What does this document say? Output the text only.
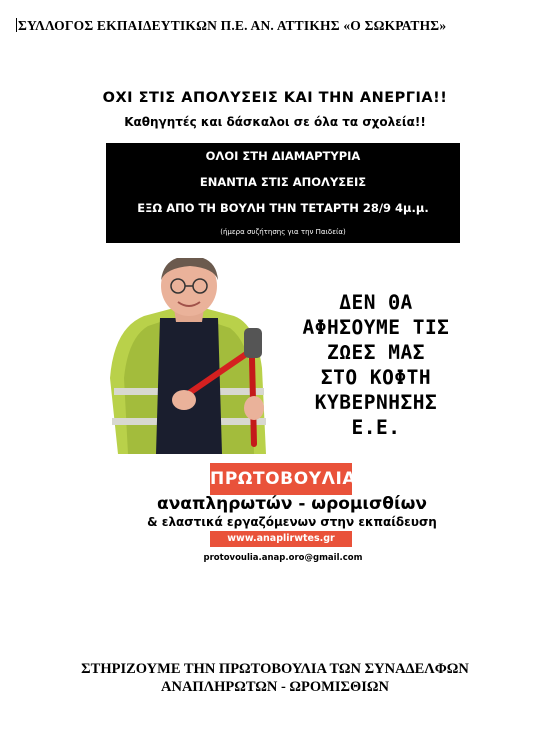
ΣΥΛΛΟΓΟΣ ΕΚΠΑΙΔΕΥΤΙΚΩΝ Π.Ε. ΑΝ. ΑΤΤΙΚΗΣ «Ο ΣΩΚΡΑΤΗΣ»
ΟΧΙ ΣΤΙΣ ΑΠΟΛΥΣΕΙΣ ΚΑΙ ΤΗΝ ΑΝΕΡΓΙΑ!!
Καθηγητές και δάσκαλοι σε όλα τα σχολεία!!
ΟΛΟΙ ΣΤΗ ΔΙΑΜΑΡΤΥΡΙΑ
ΕΝΑΝΤΙΑ ΣΤΙΣ ΑΠΟΛΥΣΕΙΣ
ΕΞΩ ΑΠΟ ΤΗ ΒΟΥΛΗ ΤΗΝ ΤΕΤΑΡΤΗ 28/9 4μ.μ.
(ήμερα συζήτησης για την Παιδεία)
ΔΕΝ ΘΑ
ΑΦΗΣΟΥΜΕ ΤΙΣ
ΖΩΕΣ ΜΑΣ
ΣΤΟ ΚΟΦΤΗ
ΚΥΒΕΡΝΗΣΗΣ
Ε.Ε.
ΠΡΩΤΟΒΟΥΛΙΑ
αναπληρωτών - ωρομισθίων
& ελαστικά εργαζόμενων στην εκπαίδευση
www.anaplirwtes.gr
protovoulia.anap.oro@gmail.com
ΣΤΗΡΙΖΟΥΜΕ ΤΗΝ ΠΡΩΤΟΒΟΥΛΙΑ ΤΩΝ ΣΥΝΑΔΕΛΦΩΝ
ΑΝΑΠΛΗΡΩΤΩΝ - ΩΡΟΜΙΣΘΙΩΝ
